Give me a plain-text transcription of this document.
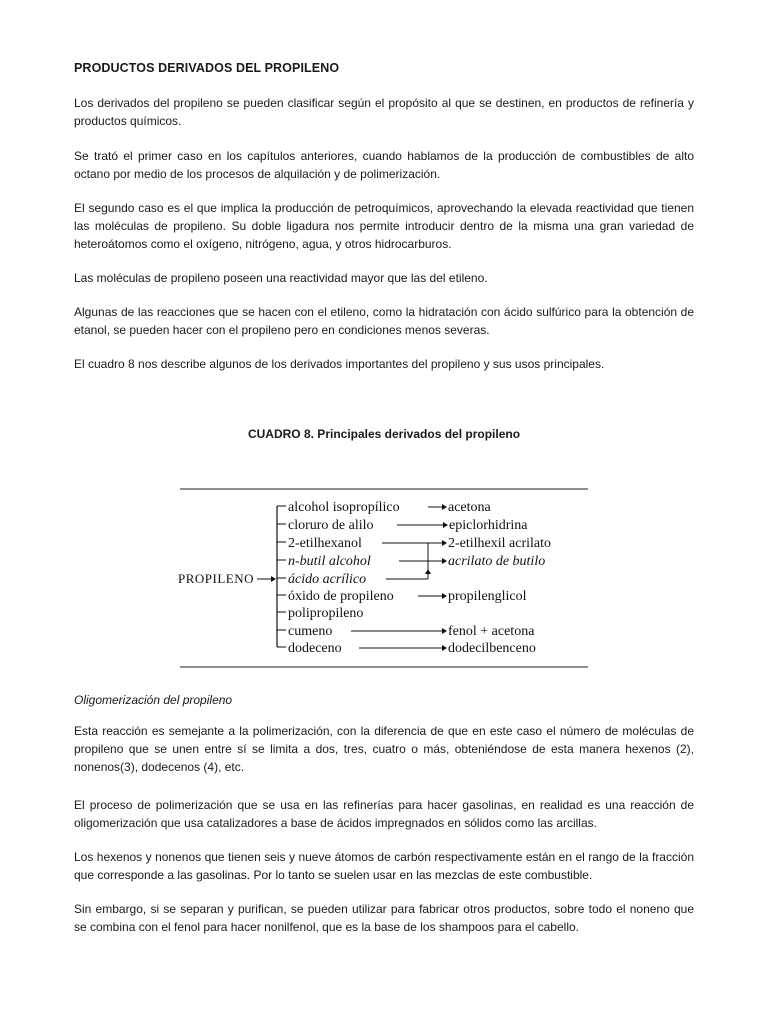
PRODUCTOS DERIVADOS DEL PROPILENO

Los derivados del propileno se pueden clasificar según el propósito al que se destinen, en productos de refinería y productos químicos.

Se trató el primer caso en los capítulos anteriores, cuando hablamos de la producción de combustibles de alto octano por medio de los procesos de alquilación y de polimerización.

El segundo caso es el que implica la producción de petroquímicos, aprovechando la elevada reactividad que tienen las moléculas de propileno. Su doble ligadura nos permite introducir dentro de la misma una gran variedad de heteroátomos como el oxígeno, nitrógeno, agua, y otros hidrocarburos.

Las moléculas de propileno poseen una reactividad mayor que las del etileno.

Algunas de las reacciones que se hacen con el etileno, como la hidratación con ácido sulfúrico para la obtención de etanol, se pueden hacer con el propileno pero en condiciones menos severas.

El cuadro 8 nos describe algunos de los derivados importantes del propileno y sus usos principales.

CUADRO 8. Principales derivados del propileno
Oligomerización del propileno

Esta reacción es semejante a la polimerización, con la diferencia de que en este caso el número de moléculas de propileno que se unen entre sí se limita a dos, tres, cuatro o más, obteniéndose de esta manera hexenos (2), nonenos(3), dodecenos (4), etc.

El proceso de polimerización que se usa en las refinerías para hacer gasolinas, en realidad es una reacción de oligomerización que usa catalizadores a base de ácidos impregnados en sólidos como las arcillas.

Los hexenos y nonenos que tienen seis y nueve átomos de carbón respectivamente están en el rango de la fracción que corresponde a las gasolinas. Por lo tanto se suelen usar en las mezclas de este combustible.

Sin embargo, si se separan y purifican, se pueden utilizar para fabricar otros productos, sobre todo el noneno que se combina con el fenol para hacer nonilfenol, que es la base de los shampoos para el cabello.

PROPILENO
alcohol isopropílico
cloruro de alilo
2-etilhexanol
n-butil alcohol
ácido acrílico
óxido de propileno
polipropileno
cumeno
dodeceno
acetona
epiclorhidrina
2-etilhexil acrilato
acrilato de butilo
propilenglicol
fenol + acetona
dodecilbenceno
